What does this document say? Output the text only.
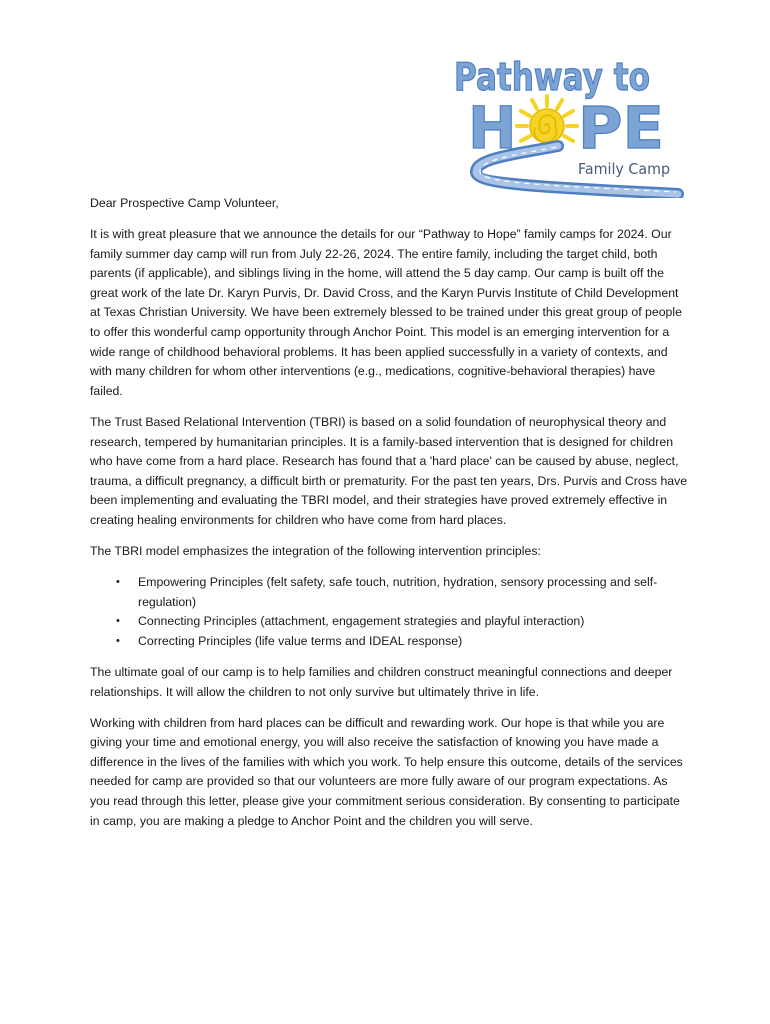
Pathway to
H PE
Family Camp

Dear Prospective Camp Volunteer,

It is with great pleasure that we announce the details for our “Pathway to Hope” family camps for 2024. Our family summer day camp will run from July 22-26, 2024. The entire family, including the target child, both parents (if applicable), and siblings living in the home, will attend the 5 day camp. Our camp is built off the great work of the late Dr. Karyn Purvis, Dr. David Cross, and the Karyn Purvis Institute of Child Development at Texas Christian University. We have been extremely blessed to be trained under this great group of people to offer this wonderful camp opportunity through Anchor Point. This model is an emerging intervention for a wide range of childhood behavioral problems. It has been applied successfully in a variety of contexts, and with many children for whom other interventions (e.g., medications, cognitive-behavioral therapies) have failed.

The Trust Based Relational Intervention (TBRI) is based on a solid foundation of neurophysical theory and research, tempered by humanitarian principles. It is a family-based intervention that is designed for children who have come from a hard place. Research has found that a 'hard place' can be caused by abuse, neglect, trauma, a difficult pregnancy, a difficult birth or prematurity. For the past ten years, Drs. Purvis and Cross have been implementing and evaluating the TBRI model, and their strategies have proved extremely effective in creating healing environments for children who have come from hard places.

The TBRI model emphasizes the integration of the following intervention principles:

• Empowering Principles (felt safety, safe touch, nutrition, hydration, sensory processing and self-regulation)
• Connecting Principles (attachment, engagement strategies and playful interaction)
• Correcting Principles (life value terms and IDEAL response)

The ultimate goal of our camp is to help families and children construct meaningful connections and deeper relationships. It will allow the children to not only survive but ultimately thrive in life.

Working with children from hard places can be difficult and rewarding work. Our hope is that while you are giving your time and emotional energy, you will also receive the satisfaction of knowing you have made a difference in the lives of the families with which you work. To help ensure this outcome, details of the services needed for camp are provided so that our volunteers are more fully aware of our program expectations. As you read through this letter, please give your commitment serious consideration. By consenting to participate in camp, you are making a pledge to Anchor Point and the children you will serve.
